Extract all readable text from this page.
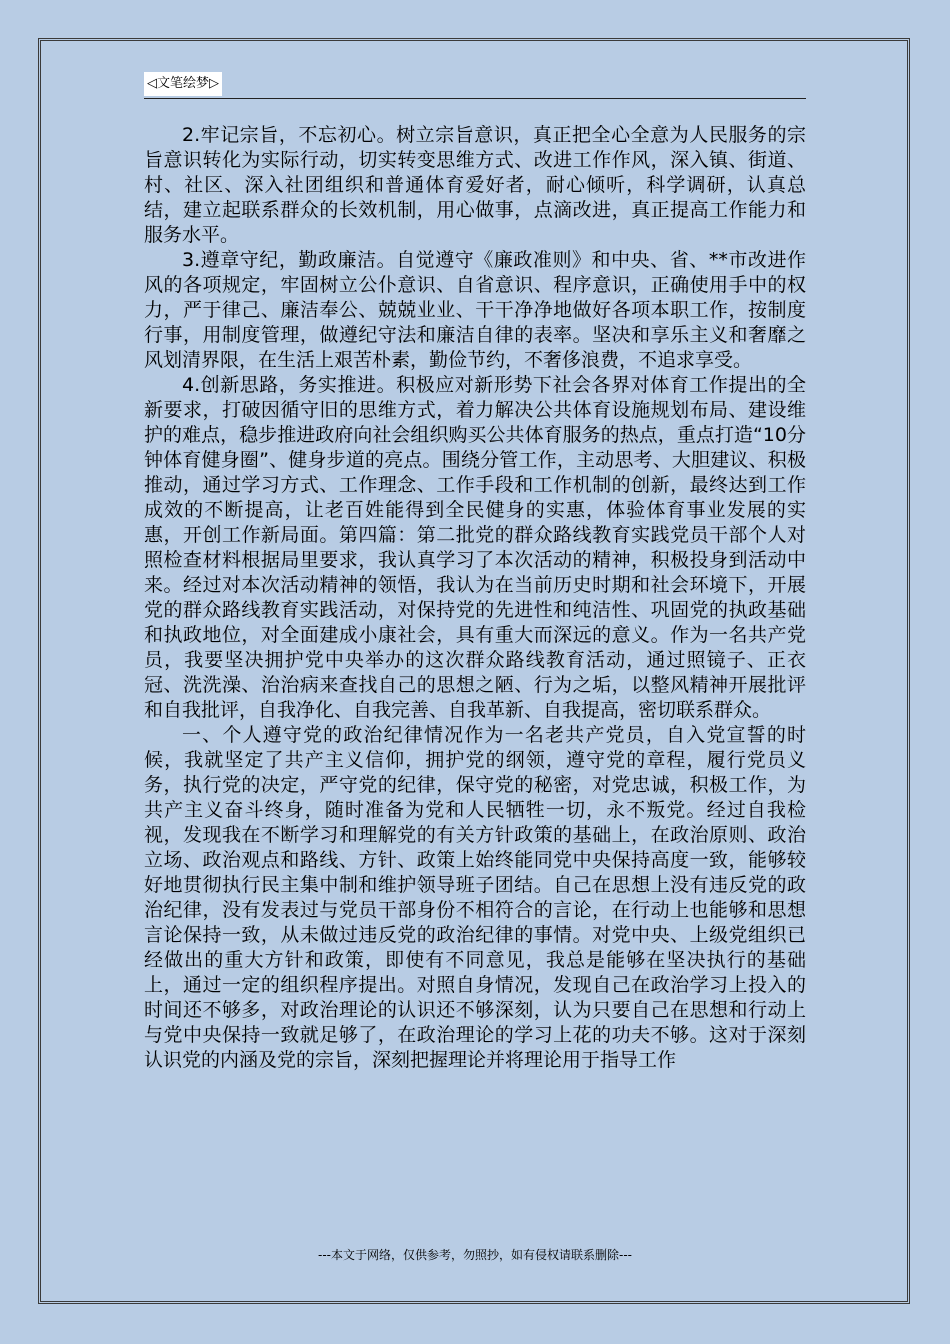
◁文笔绘梦▷

2.牢记宗旨，不忘初心。树立宗旨意识，真正把全心全意为人民服务的宗旨意识转化为实际行动，切实转变思维方式、改进工作作风，深入镇、街道、村、社区、深入社团组织和普通体育爱好者，耐心倾听，科学调研，认真总结，建立起联系群众的长效机制，用心做事，点滴改进，真正提高工作能力和服务水平。

3.遵章守纪，勤政廉洁。自觉遵守《廉政准则》和中央、省、**市改进作风的各项规定，牢固树立公仆意识、自省意识、程序意识，正确使用手中的权力，严于律己、廉洁奉公、兢兢业业、干干净净地做好各项本职工作，按制度行事，用制度管理，做遵纪守法和廉洁自律的表率。坚决和享乐主义和奢靡之风划清界限，在生活上艰苦朴素，勤俭节约，不奢侈浪费，不追求享受。

4.创新思路，务实推进。积极应对新形势下社会各界对体育工作提出的全新要求，打破因循守旧的思维方式，着力解决公共体育设施规划布局、建设维护的难点，稳步推进政府向社会组织购买公共体育服务的热点，重点打造“10分钟体育健身圈”、健身步道的亮点。围绕分管工作，主动思考、大胆建议、积极推动，通过学习方式、工作理念、工作手段和工作机制的创新，最终达到工作成效的不断提高，让老百姓能得到全民健身的实惠，体验体育事业发展的实惠，开创工作新局面。第四篇：第二批党的群众路线教育实践党员干部个人对照检查材料根据局里要求，我认真学习了本次活动的精神，积极投身到活动中来。经过对本次活动精神的领悟，我认为在当前历史时期和社会环境下，开展党的群众路线教育实践活动，对保持党的先进性和纯洁性、巩固党的执政基础和执政地位，对全面建成小康社会，具有重大而深远的意义。作为一名共产党员，我要坚决拥护党中央举办的这次群众路线教育活动，通过照镜子、正衣冠、洗洗澡、治治病来查找自己的思想之陋、行为之垢，以整风精神开展批评和自我批评，自我净化、自我完善、自我革新、自我提高，密切联系群众。

一、个人遵守党的政治纪律情况作为一名老共产党员，自入党宣誓的时候，我就坚定了共产主义信仰，拥护党的纲领，遵守党的章程，履行党员义务，执行党的决定，严守党的纪律，保守党的秘密，对党忠诚，积极工作，为共产主义奋斗终身，随时准备为党和人民牺牲一切，永不叛党。经过自我检视，发现我在不断学习和理解党的有关方针政策的基础上，在政治原则、政治立场、政治观点和路线、方针、政策上始终能同党中央保持高度一致，能够较好地贯彻执行民主集中制和维护领导班子团结。自己在思想上没有违反党的政治纪律，没有发表过与党员干部身份不相符合的言论，在行动上也能够和思想言论保持一致，从未做过违反党的政治纪律的事情。对党中央、上级党组织已经做出的重大方针和政策，即使有不同意见，我总是能够在坚决执行的基础上，通过一定的组织程序提出。对照自身情况，发现自己在政治学习上投入的时间还不够多，对政治理论的认识还不够深刻，认为只要自己在思想和行动上与党中央保持一致就足够了，在政治理论的学习上花的功夫不够。这对于深刻认识党的内涵及党的宗旨，深刻把握理论并将理论用于指导工作

---本文于网络，仅供参考，勿照抄，如有侵权请联系删除---
